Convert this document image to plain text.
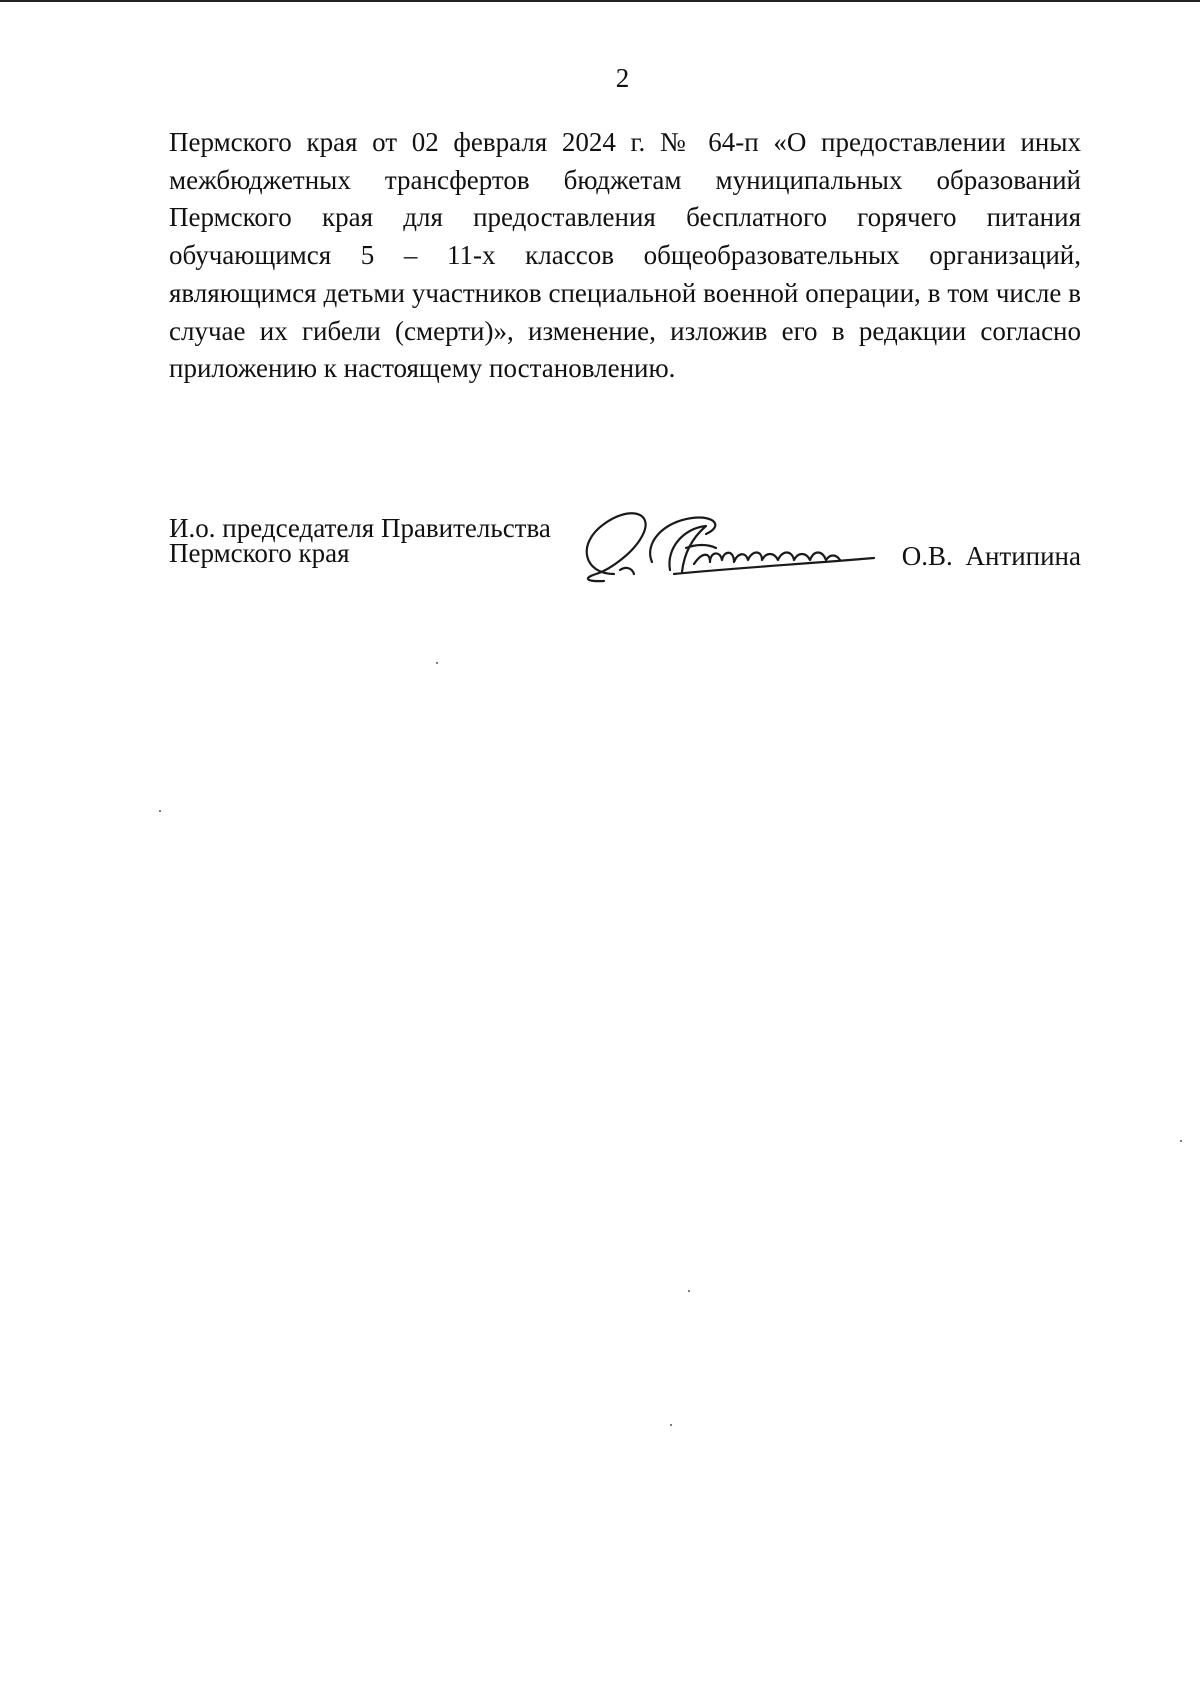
2

Пермского края от 02 февраля 2024 г. № 64-п «О предоставлении иных межбюджетных трансфертов бюджетам муниципальных образований Пермского края для предоставления бесплатного горячего питания обучающимся 5 – 11-х классов общеобразовательных организаций, являющимся детьми участников специальной военной операции, в том числе в случае их гибели (смерти)», изменение, изложив его в редакции согласно приложению к настоящему постановлению.

И.о. председателя Правительства
Пермского края	О.В. Антипина
